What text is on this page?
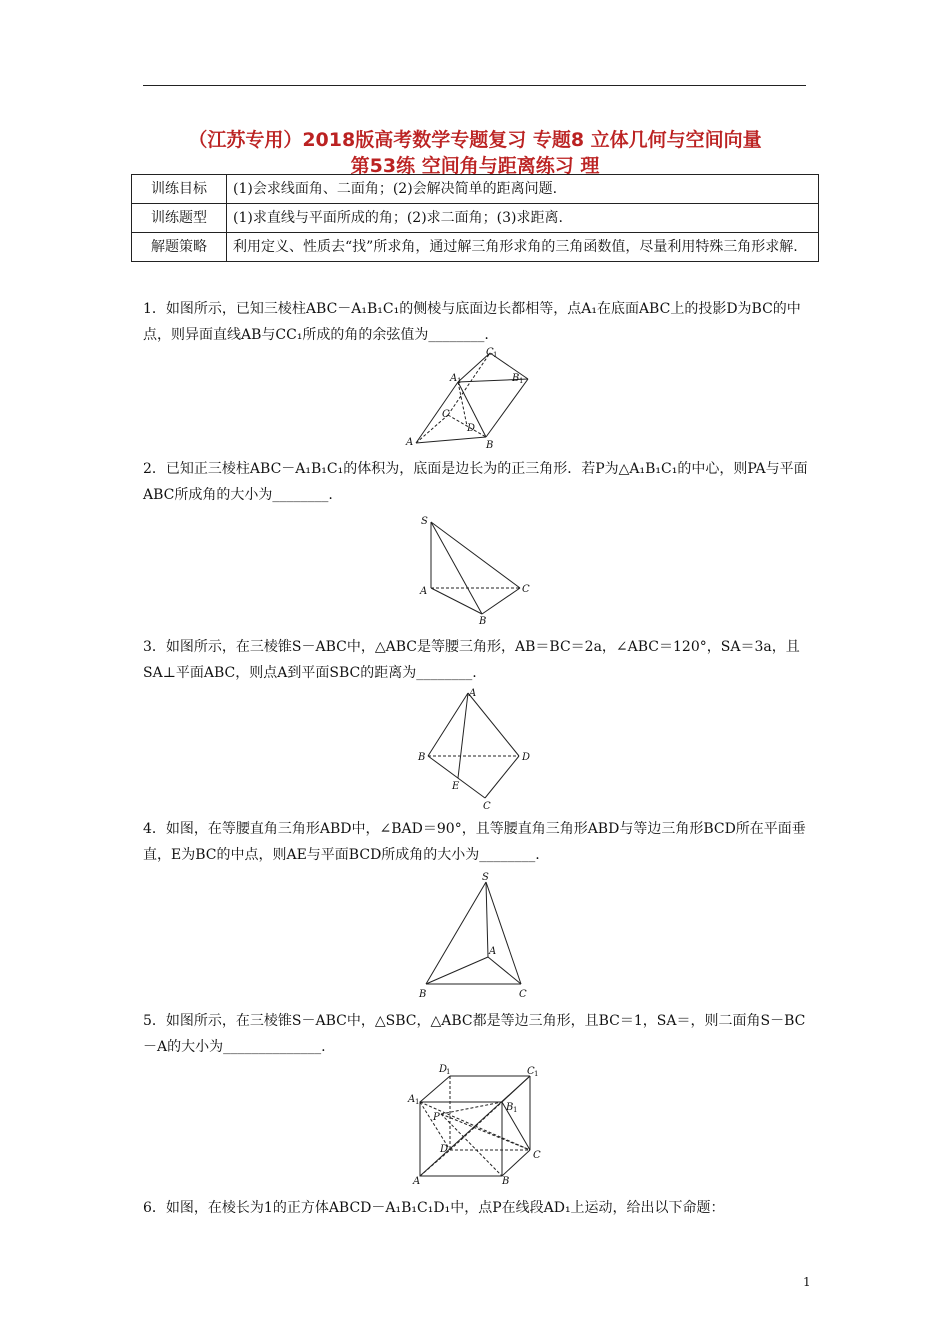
（江苏专用）2018版高考数学专题复习 专题8 立体几何与空间向量
第53练 空间角与距离练习 理
训练目标	(1)会求线面角、二面角；(2)会解决简单的距离问题.
训练题型	(1)求直线与平面所成的角；(2)求二面角；(3)求距离.
解题策略	利用定义、性质去“找”所求角，通过解三角形求角的三角函数值，尽量利用特殊三角形求解.
1．如图所示，已知三棱柱ABC－A₁B₁C₁的侧棱与底面边长都相等，点A₁在底面ABC上的投影D为BC的中点，则异面直线AB与CC₁所成的角的余弦值为________.
C 1
A 1	B 1
C
D
A	B
2．已知正三棱柱ABC－A₁B₁C₁的体积为，底面是边长为的正三角形．若P为△A₁B₁C₁的中心，则PA与平面ABC所成角的大小为________.
S
A
B
C
3．如图所示，在三棱锥S－ABC中，△ABC是等腰三角形，AB＝BC＝2a，∠ABC＝120°，SA＝3a，且SA⊥平面ABC，则点A到平面SBC的距离为________.
A
B	D
E
C
4．如图，在等腰直角三角形ABD中，∠BAD＝90°，且等腰直角三角形ABD与等边三角形BCD所在平面垂直，E为BC的中点，则AE与平面BCD所成角的大小为________.
S
A
B	C
5．如图所示，在三棱锥S－ABC中，△SBC，△ABC都是等边三角形，且BC＝1，SA＝，则二面角S－BC－A的大小为______________.
D
1	C 1
A 1	B 1
P
D
C
A	B
6．如图，在棱长为1的正方体ABCD－A₁B₁C₁D₁中，点P在线段AD₁上运动，给出以下命题：
1
